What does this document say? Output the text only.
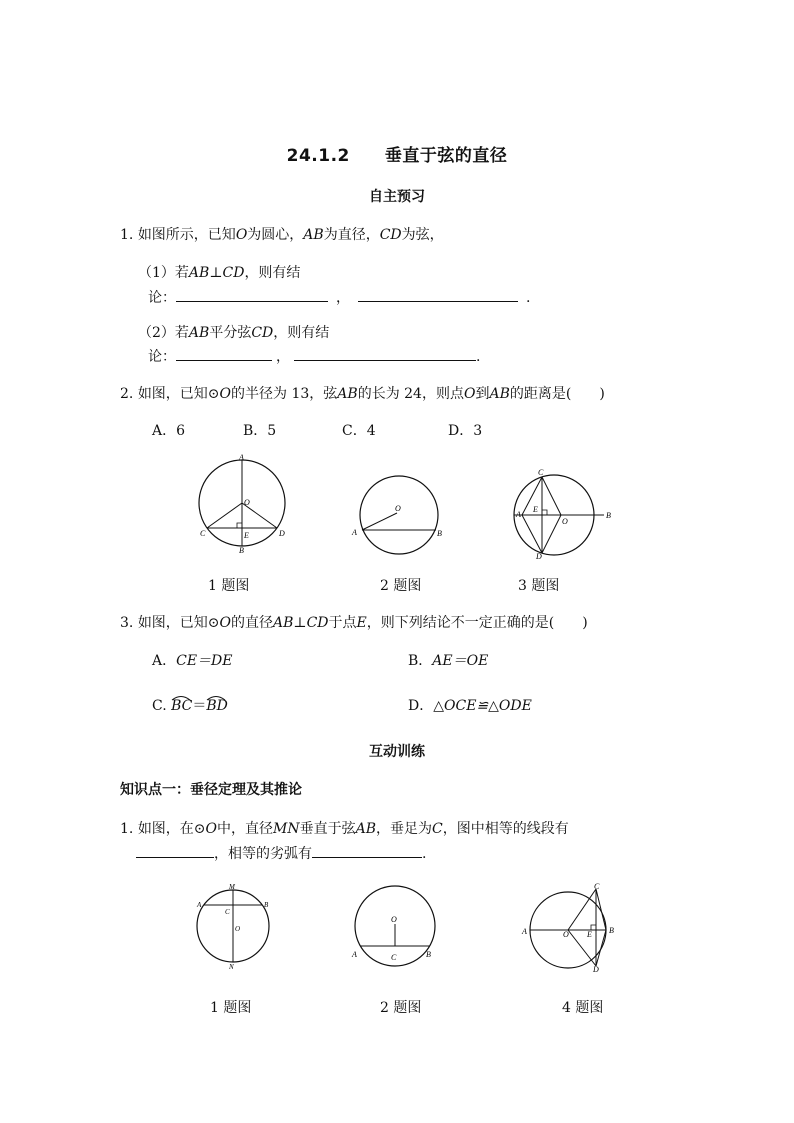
24.1.2　　垂直于弦的直径
自主预习
1. 如图所示，已知O为圆心，AB为直径，CD为弦，
（1）若AB⊥CD，则有结
论：	，	.
（2）若AB平分弦CD，则有结
论：	，	.
2. 如图，已知⊙O的半径为 13，弦AB的长为 24，则点O到AB的距离是(　　)
A．6	B．5	C．4	D．3
A
O
C	E	D
B
O
A	B
C
A
E
O
B
D
1 题图	2 题图	3 题图
3. 如图，已知⊙O的直径AB⊥CD于点E，则下列结论不一定正确的是(　　)
A．CE＝DE	B．AE＝OE
C. BC＝
BD	D．△OCE≌△ODE
互动训练
知识点一：垂径定理及其推论
1. 如图，在⊙O中，直径MN垂直于弦AB，垂足为C，图中相等的线段有
，相等的劣弧有	.
M
A	B
C
O
N
O
A	C	B
C
A	O E B
D
1 题图	2 题图	4 题图
